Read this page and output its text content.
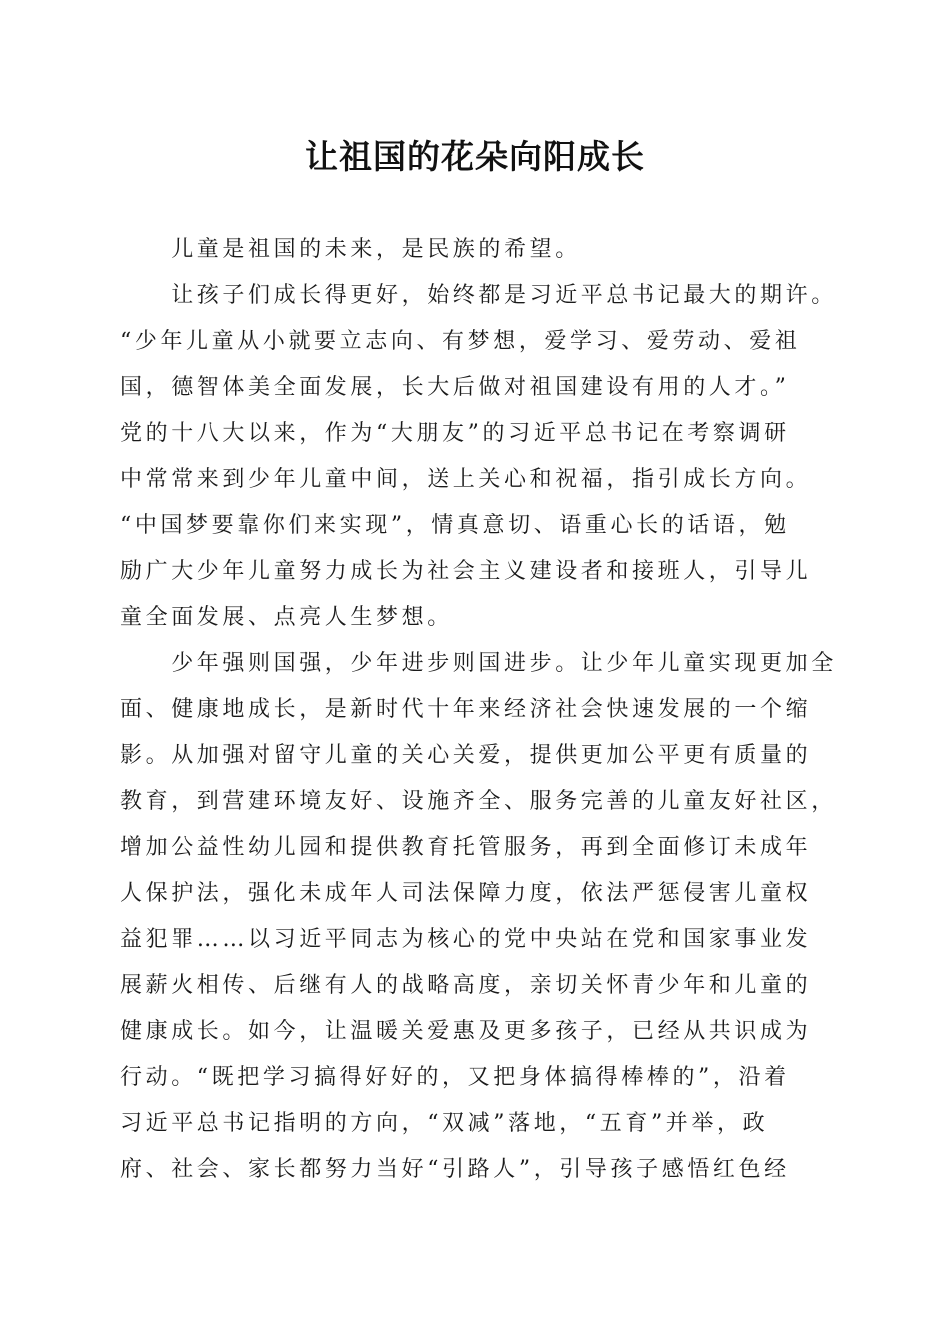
让祖国的花朵向阳成长
　　儿童是祖国的未来，是民族的希望。
　　让孩子们成长得更好，始终都是习近平总书记最大的期许。
“少年儿童从小就要立志向、有梦想，爱学习、爱劳动、爱祖
国，德智体美全面发展，长大后做对祖国建设有用的人才。”
党的十八大以来，作为“大朋友”的习近平总书记在考察调研
中常常来到少年儿童中间，送上关心和祝福，指引成长方向。
“中国梦要靠你们来实现”，情真意切、语重心长的话语，勉
励广大少年儿童努力成长为社会主义建设者和接班人，引导儿
童全面发展、点亮人生梦想。
　　少年强则国强，少年进步则国进步。让少年儿童实现更加全
面、健康地成长，是新时代十年来经济社会快速发展的一个缩
影。从加强对留守儿童的关心关爱，提供更加公平更有质量的
教育，到营建环境友好、设施齐全、服务完善的儿童友好社区，
增加公益性幼儿园和提供教育托管服务，再到全面修订未成年
人保护法，强化未成年人司法保障力度，依法严惩侵害儿童权
益犯罪……以习近平同志为核心的党中央站在党和国家事业发
展薪火相传、后继有人的战略高度，亲切关怀青少年和儿童的
健康成长。如今，让温暖关爱惠及更多孩子，已经从共识成为
行动。“既把学习搞得好好的，又把身体搞得棒棒的”，沿着
习近平总书记指明的方向，“双减”落地，“五育”并举，政
府、社会、家长都努力当好“引路人”，引导孩子感悟红色经
